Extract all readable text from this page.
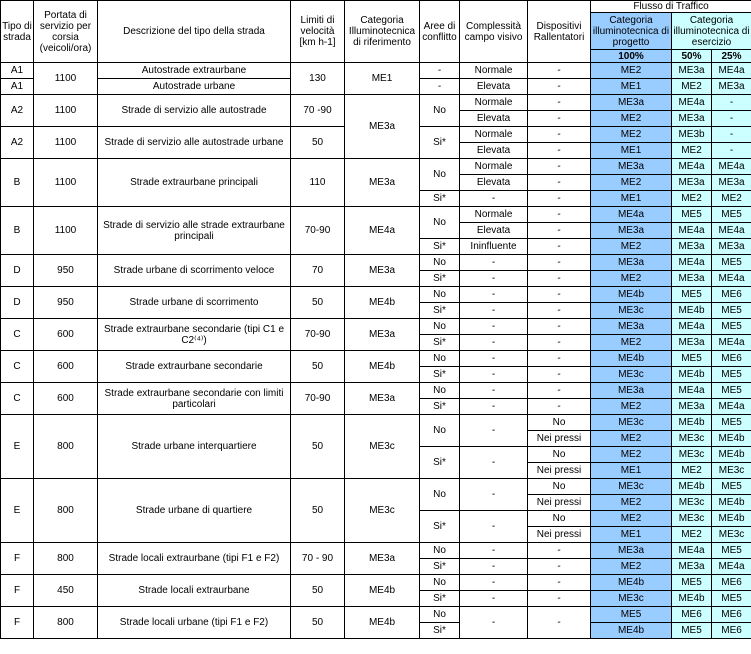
Tipo di strada	Portata di servizio per corsia (veicoli/ora)	Descrizione del tipo della strada	Limiti di velocità [km h-1]	Categoria Illuminotecnica di riferimento	Aree di conflitto	Complessità campo visivo	Dispositivi Rallentatori	Flusso di Traffico		
								Categoria illuminotecnica di progetto	Categoria illuminotecnica di esercizio	
								100%	50%	25%
A1	1100	Autostrade extraurbane	130	ME1	-	Normale	-	ME2	ME3a	ME4a
A1		Autostrade urbane			-	Elevata	-	ME1	ME2	ME3a
A2	1100	Strade di servizio alle autostrade	70 -90	ME3a	No	Normale	-	ME3a	ME4a	-
						Elevata	-	ME2	ME3a	-
A2	1100	Strade di servizio alle autostrade urbane	50		Si*	Normale	-	ME2	ME3b	-
						Elevata	-	ME1	ME2	-
B	1100	Strade extraurbane principali	110	ME3a	No	Normale	-	ME3a	ME4a	ME4a
						Elevata	-	ME2	ME3a	ME3a
					Si*	-	-	ME1	ME2	ME2
B	1100	Strade di servizio alle strade extraurbane principali	70-90	ME4a	No	Normale	-	ME4a	ME5	ME5
						Elevata	-	ME3a	ME4a	ME4a
					Si*	Ininfluente	-	ME2	ME3a	ME3a
D	950	Strade urbane di scorrimento veloce	70	ME3a	No	-	-	ME3a	ME4a	ME5
					Si*	-	-	ME2	ME3a	ME4a
D	950	Strade urbane di scorrimento	50	ME4b	No	-	-	ME4b	ME5	ME6
					Si*	-	-	ME3c	ME4b	ME5
C	600	Strade extraurbane secondarie (tipi C1 e C2⁽⁴⁾)	70-90	ME3a	No	-	-	ME3a	ME4a	ME5
					Si*	-	-	ME2	ME3a	ME4a
C	600	Strade extraurbane secondarie	50	ME4b	No	-	-	ME4b	ME5	ME6
					Si*	-	-	ME3c	ME4b	ME5
C	600	Strade extraurbane secondarie con limiti particolari	70-90	ME3a	No	-	-	ME3a	ME4a	ME5
					Si*	-	-	ME2	ME3a	ME4a
E	800	Strade urbane interquartiere	50	ME3c	No	-	No	ME3c	ME4b	ME5
							Nei pressi	ME2	ME3c	ME4b
					Si*	-	No	ME2	ME3c	ME4b
							Nei pressi	ME1	ME2	ME3c
E	800	Strade urbane di quartiere	50	ME3c	No	-	No	ME3c	ME4b	ME5
							Nei pressi	ME2	ME3c	ME4b
					Si*	-	No	ME2	ME3c	ME4b
							Nei pressi	ME1	ME2	ME3c
F	800	Strade locali extraurbane (tipi F1 e F2)	70 - 90	ME3a	No	-	-	ME3a	ME4a	ME5
					Si*	-	-	ME2	ME3a	ME4a
F	450	Strade locali extraurbane	50	ME4b	No	-	-	ME4b	ME5	ME6
					Si*	-	-	ME3c	ME4b	ME5
F	800	Strade locali urbane (tipi F1 e F2)	50	ME4b	No	-	-	ME5	ME6	ME6
					Si*			ME4b	ME5	ME6
